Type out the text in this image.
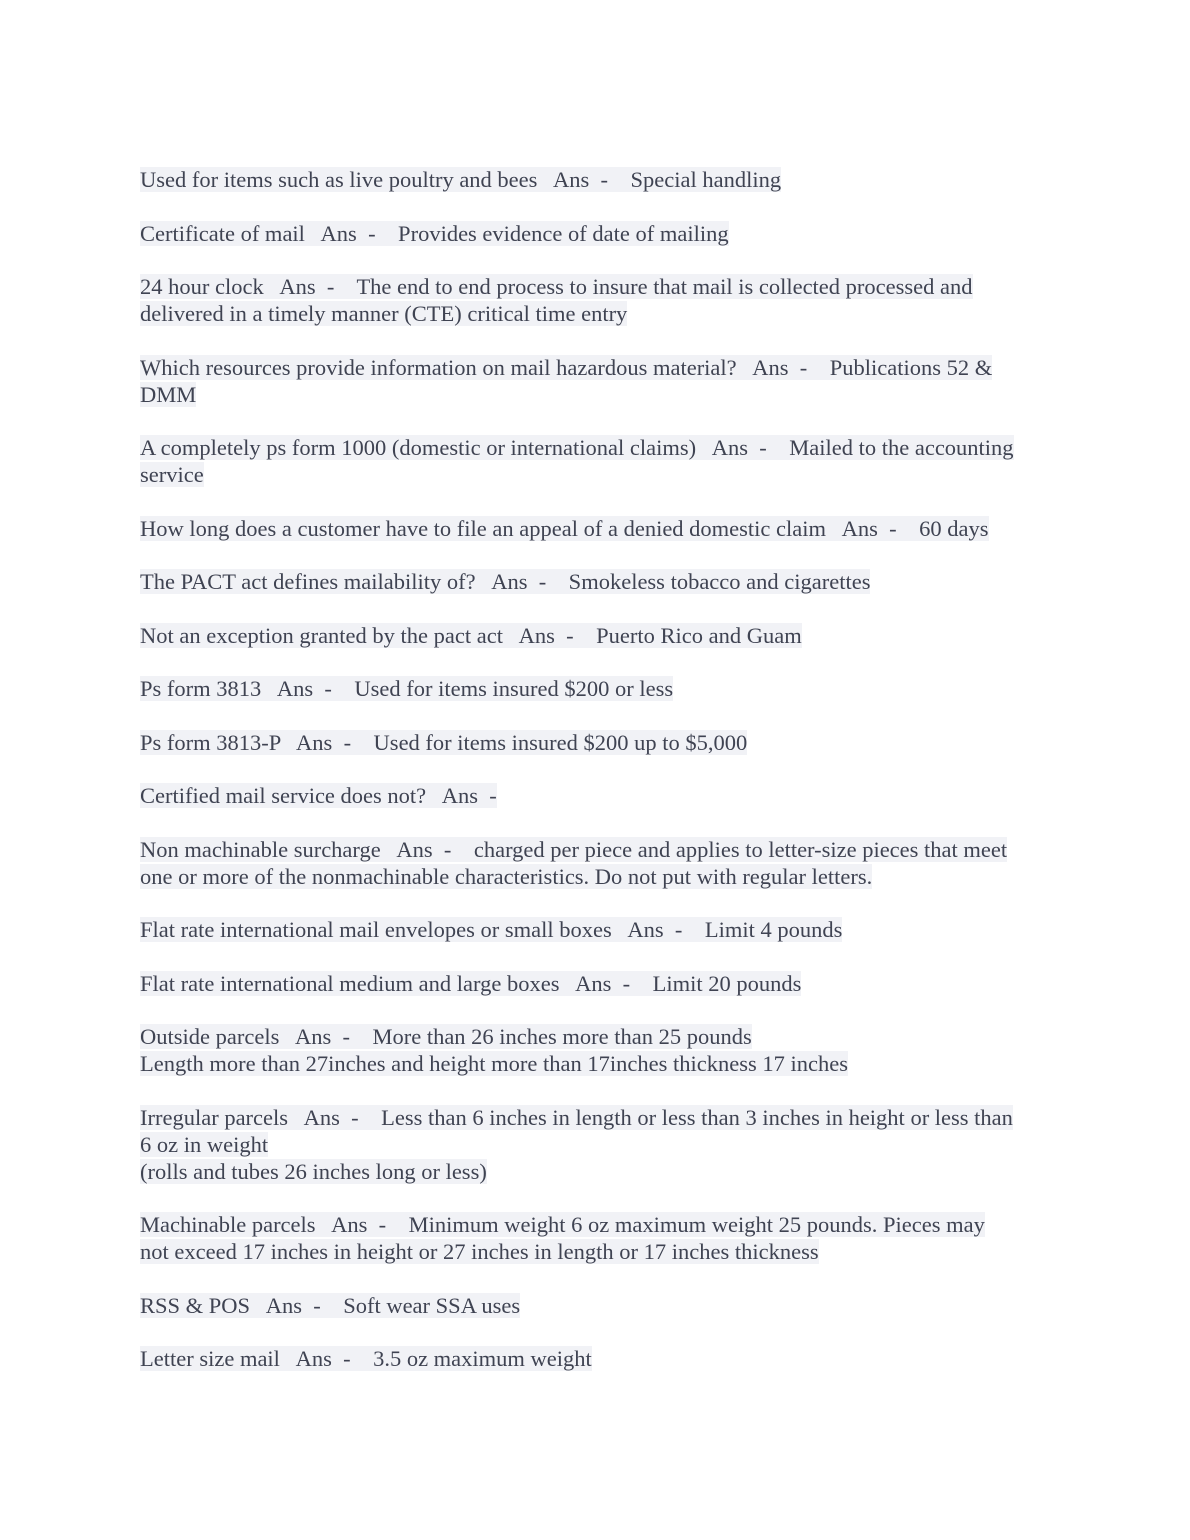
Used for items such as live poultry and bees   Ans  -    Special handling
Certificate of mail   Ans  -    Provides evidence of date of mailing
24 hour clock   Ans  -    The end to end process to insure that mail is collected processed and
delivered in a timely manner (CTE) critical time entry
Which resources provide information on mail hazardous material?   Ans  -    Publications 52 &
DMM
A completely ps form 1000 (domestic or international claims)   Ans  -    Mailed to the accounting
service
How long does a customer have to file an appeal of a denied domestic claim   Ans  -    60 days
The PACT act defines mailability of?   Ans  -    Smokeless tobacco and cigarettes
Not an exception granted by the pact act   Ans  -    Puerto Rico and Guam
Ps form 3813   Ans  -    Used for items insured $200 or less
Ps form 3813-P   Ans  -    Used for items insured $200 up to $5,000
Certified mail service does not?   Ans  -
Non machinable surcharge   Ans  -    charged per piece and applies to letter-size pieces that meet
one or more of the nonmachinable characteristics. Do not put with regular letters.
Flat rate international mail envelopes or small boxes   Ans  -    Limit 4 pounds
Flat rate international medium and large boxes   Ans  -    Limit 20 pounds
Outside parcels   Ans  -    More than 26 inches more than 25 pounds
Length more than 27inches and height more than 17inches thickness 17 inches
Irregular parcels   Ans  -    Less than 6 inches in length or less than 3 inches in height or less than
6 oz in weight
(rolls and tubes 26 inches long or less)
Machinable parcels   Ans  -    Minimum weight 6 oz maximum weight 25 pounds. Pieces may
not exceed 17 inches in height or 27 inches in length or 17 inches thickness
RSS & POS   Ans  -    Soft wear SSA uses
Letter size mail   Ans  -    3.5 oz maximum weight
